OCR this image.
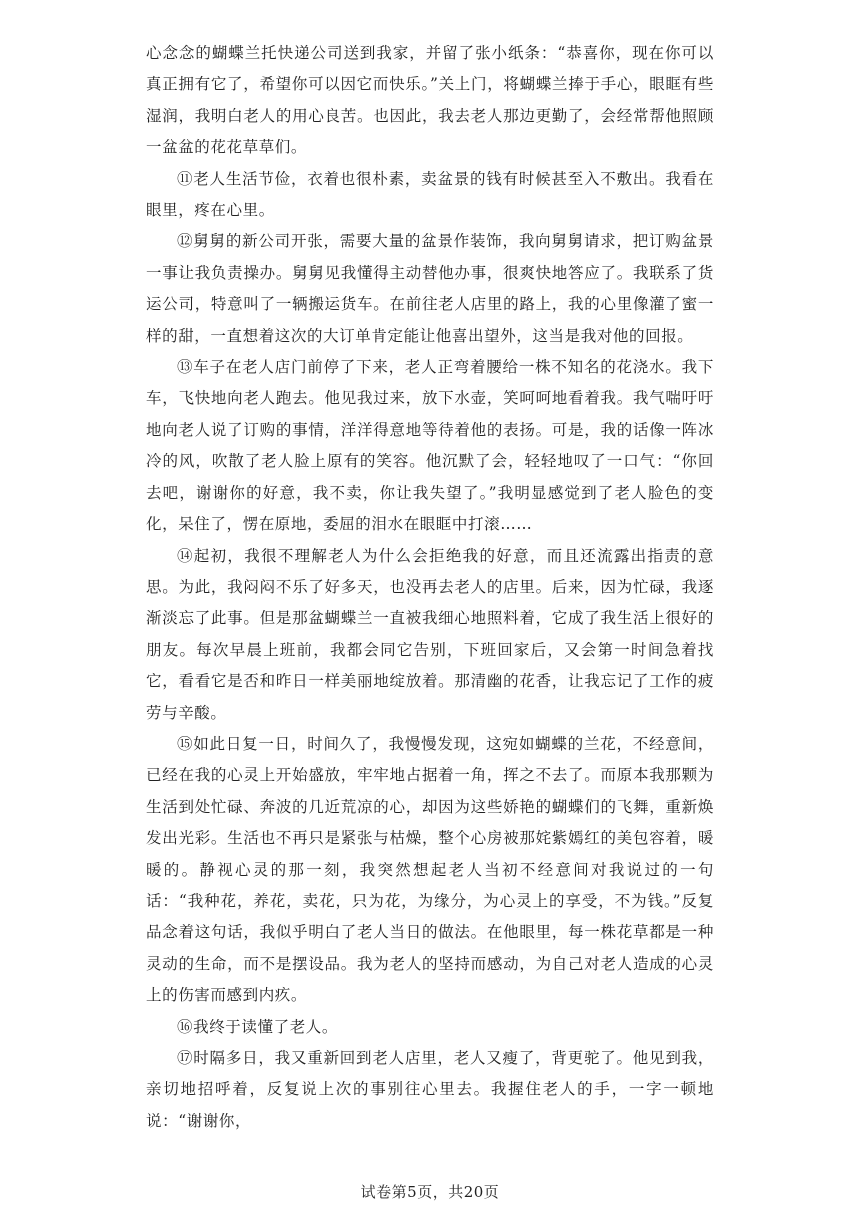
心念念的蝴蝶兰托快递公司送到我家，并留了张小纸条：“恭喜你，现在你可以真正拥有它了，希望你可以因它而快乐。”关上门，将蝴蝶兰捧于手心，眼眶有些湿润，我明白老人的用心良苦。也因此，我去老人那边更勤了，会经常帮他照顾一盆盆的花花草草们。

⑪老人生活节俭，衣着也很朴素，卖盆景的钱有时候甚至入不敷出。我看在眼里，疼在心里。

⑫舅舅的新公司开张，需要大量的盆景作装饰，我向舅舅请求，把订购盆景一事让我负责操办。舅舅见我懂得主动替他办事，很爽快地答应了。我联系了货运公司，特意叫了一辆搬运货车。在前往老人店里的路上，我的心里像灌了蜜一样的甜，一直想着这次的大订单肯定能让他喜出望外，这当是我对他的回报。

⑬车子在老人店门前停了下来，老人正弯着腰给一株不知名的花浇水。我下车，飞快地向老人跑去。他见我过来，放下水壶，笑呵呵地看着我。我气喘吁吁地向老人说了订购的事情，洋洋得意地等待着他的表扬。可是，我的话像一阵冰冷的风，吹散了老人脸上原有的笑容。他沉默了会，轻轻地叹了一口气：“你回去吧，谢谢你的好意，我不卖，你让我失望了。”我明显感觉到了老人脸色的变化，呆住了，愣在原地，委屈的泪水在眼眶中打滚……

⑭起初，我很不理解老人为什么会拒绝我的好意，而且还流露出指责的意思。为此，我闷闷不乐了好多天，也没再去老人的店里。后来，因为忙碌，我逐渐淡忘了此事。但是那盆蝴蝶兰一直被我细心地照料着，它成了我生活上很好的朋友。每次早晨上班前，我都会同它告别，下班回家后，又会第一时间急着找它，看看它是否和昨日一样美丽地绽放着。那清幽的花香，让我忘记了工作的疲劳与辛酸。

⑮如此日复一日，时间久了，我慢慢发现，这宛如蝴蝶的兰花，不经意间，已经在我的心灵上开始盛放，牢牢地占据着一角，挥之不去了。而原本我那颗为生活到处忙碌、奔波的几近荒凉的心，却因为这些娇艳的蝴蝶们的飞舞，重新焕发出光彩。生活也不再只是紧张与枯燥，整个心房被那姹紫嫣红的美包容着，暖暖的。静视心灵的那一刻，我突然想起老人当初不经意间对我说过的一句话：“我种花，养花，卖花，只为花，为缘分，为心灵上的享受，不为钱。”反复品念着这句话，我似乎明白了老人当日的做法。在他眼里，每一株花草都是一种灵动的生命，而不是摆设品。我为老人的坚持而感动，为自己对老人造成的心灵上的伤害而感到内疚。

⑯我终于读懂了老人。

⑰时隔多日，我又重新回到老人店里，老人又瘦了，背更驼了。他见到我，亲切地招呼着，反复说上次的事别往心里去。我握住老人的手，一字一顿地说：“谢谢你，

试卷第5页，共20页
